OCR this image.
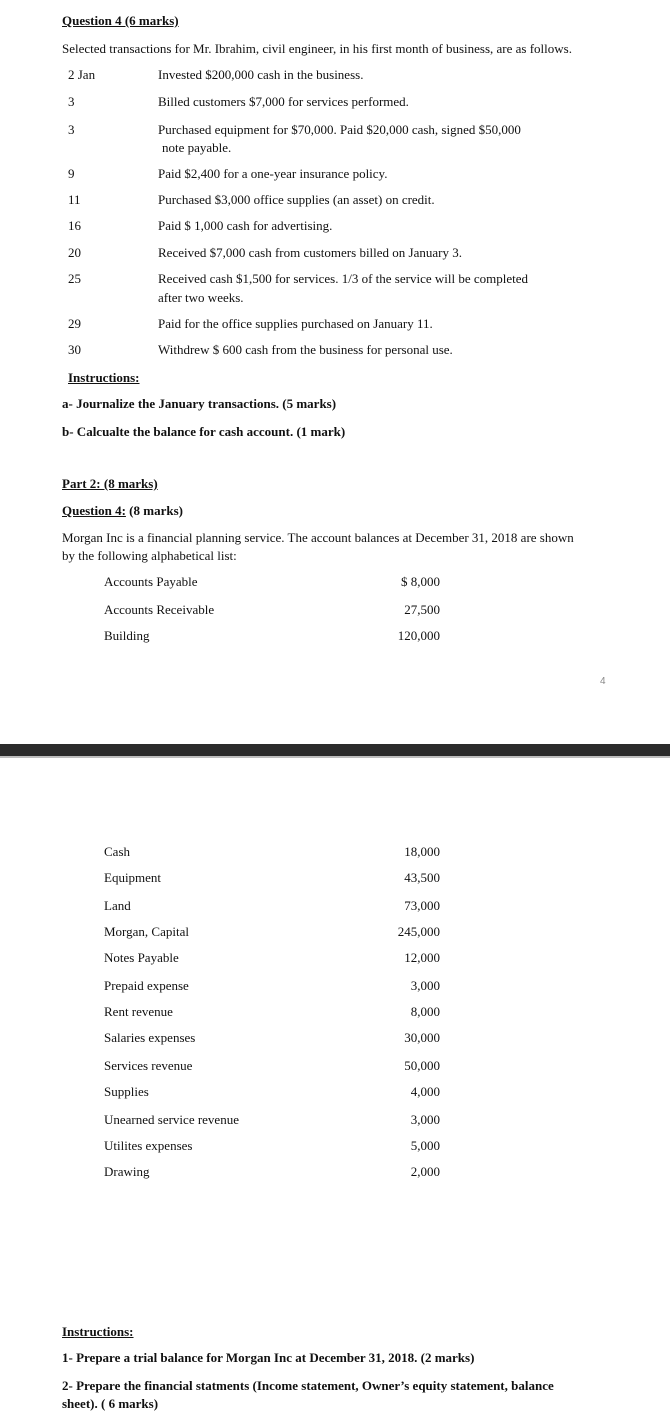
Question 4 (6 marks)
Selected transactions for Mr. Ibrahim, civil engineer, in his first month of business, are as follows.
2 Jan	Invested $200,000 cash in the business.
3	Billed customers $7,000 for services performed.
3	Purchased equipment for $70,000. Paid $20,000 cash, signed $50,000
note payable.
9	Paid $2,400 for a one-year insurance policy.
11	Purchased $3,000 office supplies (an asset) on credit.
16	Paid $ 1,000 cash for advertising.
20	Received $7,000 cash from customers billed on January 3.
25	Received cash $1,500 for services. 1/3 of the service will be completed
after two weeks.
29	Paid for the office supplies purchased on January 11.
30	Withdrew $ 600 cash from the business for personal use.
Instructions:
a- Journalize the January transactions. (5 marks)
b- Calcualte the balance for cash account. (1 mark)
Part 2: (8 marks)
Question 4: (8 marks)
Morgan Inc is a financial planning service. The account balances at December 31, 2018 are shown
by the following alphabetical list:
Accounts Payable	$ 8,000
Accounts Receivable	27,500
Building	120,000
4
Cash	18,000
Equipment	43,500
Land	73,000
Morgan, Capital	245,000
Notes Payable	12,000
Prepaid expense	3,000
Rent revenue	8,000
Salaries expenses	30,000
Services revenue	50,000
Supplies	4,000
Unearned service revenue	3,000
Utilites expenses	5,000
Drawing	2,000
Instructions:
1- Prepare a trial balance for Morgan Inc at December 31, 2018. (2 marks)
2- Prepare the financial statments (Income statement, Owner’s equity statement, balance
sheet). ( 6 marks)
